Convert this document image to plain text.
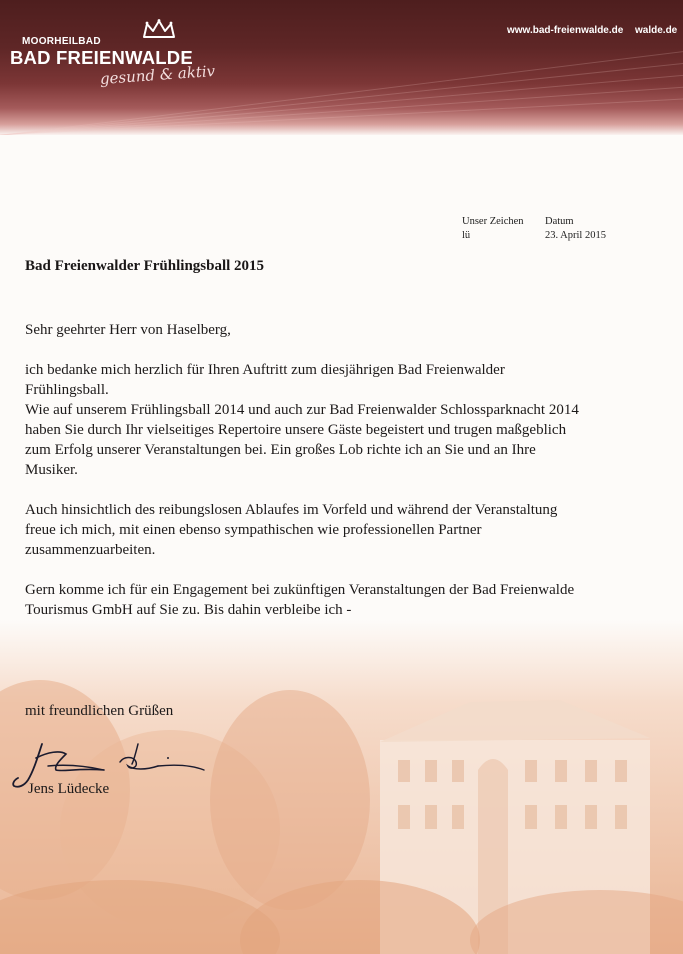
MOORHEILBAD
BAD FREIENWALDE
gesund & aktiv
www.bad-freienwalde.de walde.de
Unser Zeichen
lü
Datum
23. April 2015
Bad Freienwalder Frühlingsball 2015
Sehr geehrter Herr von Haselberg,
ich bedanke mich herzlich für Ihren Auftritt zum diesjährigen Bad Freienwalder
Frühlingsball.
Wie auf unserem Frühlingsball 2014 und auch zur Bad Freienwalder Schlossparknacht 2014
haben Sie durch Ihr vielseitiges Repertoire unsere Gäste begeistert und trugen maßgeblich
zum Erfolg unserer Veranstaltungen bei. Ein großes Lob richte ich an Sie und an Ihre
Musiker.
Auch hinsichtlich des reibungslosen Ablaufes im Vorfeld und während der Veranstaltung
freue ich mich, mit einen ebenso sympathischen wie professionellen Partner
zusammenzuarbeiten.
Gern komme ich für ein Engagement bei zukünftigen Veranstaltungen der Bad Freienwalde
Tourismus GmbH auf Sie zu. Bis dahin verbleibe ich -
mit freundlichen Grüßen
Jens Lüdecke
